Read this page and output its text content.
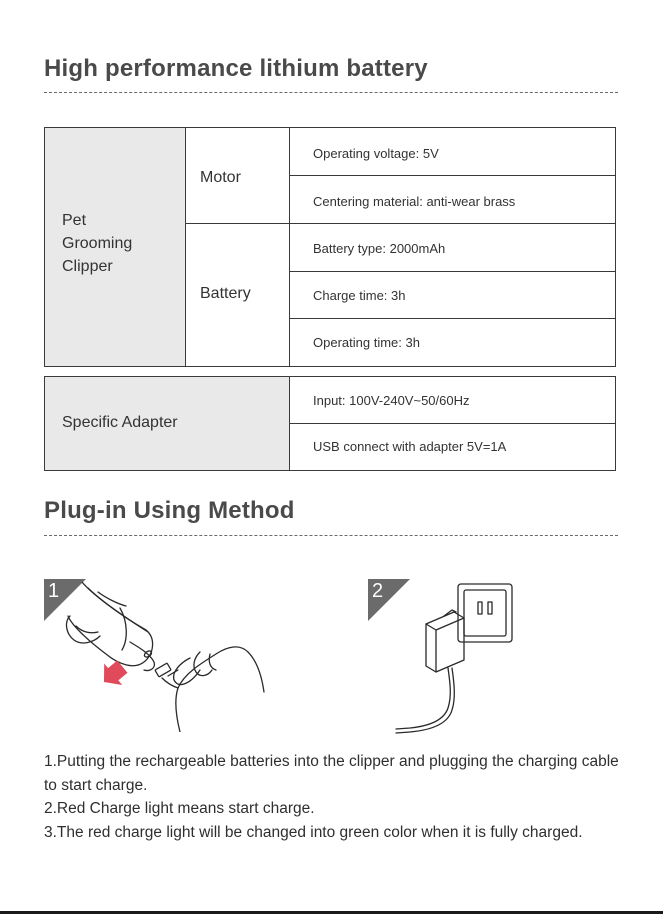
High performance lithium battery
Pet
Grooming
Clipper
Motor
Battery
Operating voltage: 5V
Centering material: anti-wear brass
Battery type: 2000mAh
Charge time: 3h
Operating time: 3h
Specific Adapter
Input: 100V-240V~50/60Hz
USB connect with adapter 5V=1A
Plug-in Using Method
1	2
1.Putting the rechargeable batteries into the clipper and plugging the charging cable to start charge.
2.Red Charge light means start charge.
3.The red charge light will be changed into green color when it is fully charged.
